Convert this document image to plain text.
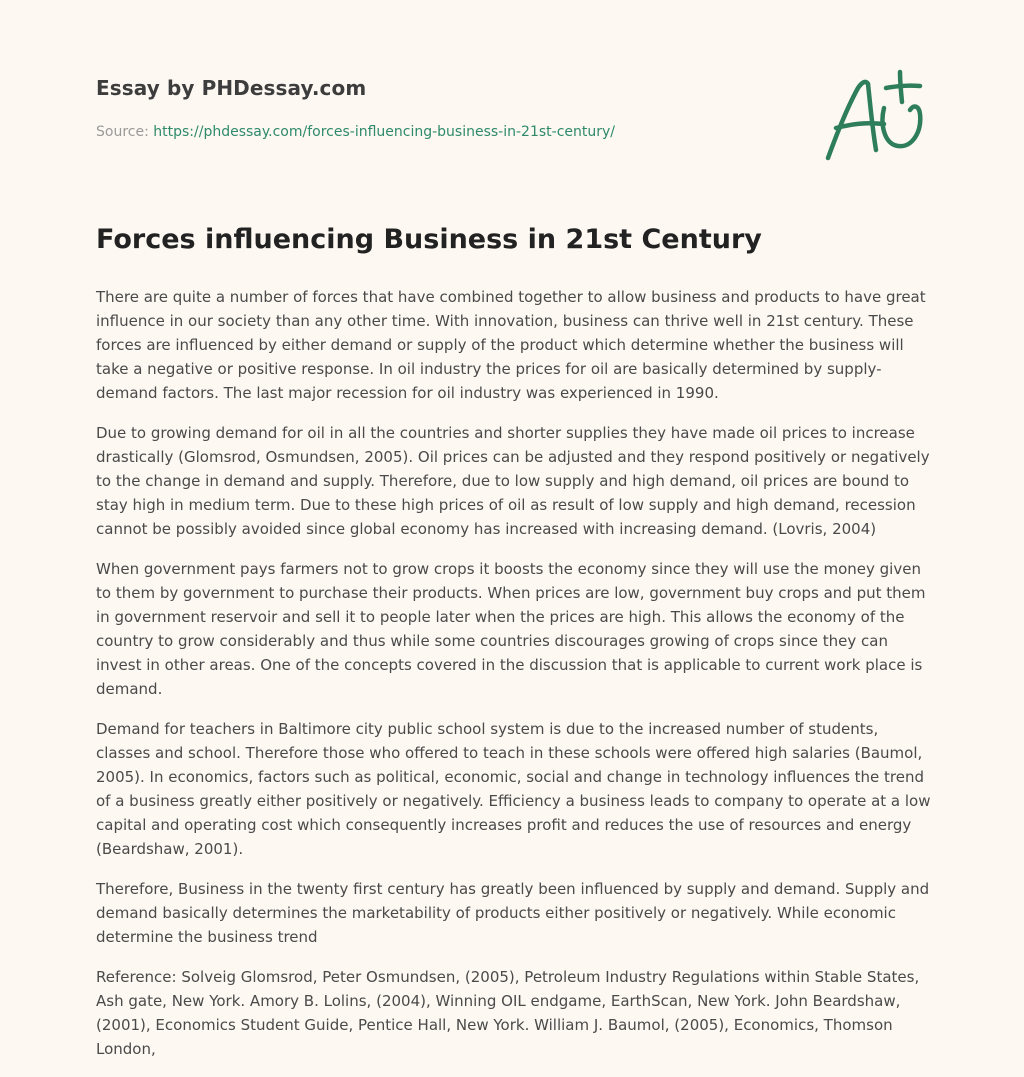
Essay by PHDessay.com

Source: https://phdessay.com/forces-influencing-business-in-21st-century/
Forces influencing Business in 21st Century

There are quite a number of forces that have combined together to allow business and products to have great influence in our society than any other time. With innovation, business can thrive well in 21st century. These forces are influenced by either demand or supply of the product which determine whether the business will take a negative or positive response. In oil industry the prices for oil are basically determined by supply-demand factors. The last major recession for oil industry was experienced in 1990.

Due to growing demand for oil in all the countries and shorter supplies they have made oil prices to increase drastically (Glomsrod, Osmundsen, 2005). Oil prices can be adjusted and they respond positively or negatively to the change in demand and supply. Therefore, due to low supply and high demand, oil prices are bound to stay high in medium term. Due to these high prices of oil as result of low supply and high demand, recession cannot be possibly avoided since global economy has increased with increasing demand. (Lovris, 2004)

When government pays farmers not to grow crops it boosts the economy since they will use the money given to them by government to purchase their products. When prices are low, government buy crops and put them in government reservoir and sell it to people later when the prices are high. This allows the economy of the country to grow considerably and thus while some countries discourages growing of crops since they can invest in other areas. One of the concepts covered in the discussion that is applicable to current work place is demand.

Demand for teachers in Baltimore city public school system is due to the increased number of students, classes and school. Therefore those who offered to teach in these schools were offered high salaries (Baumol, 2005). In economics, factors such as political, economic, social and change in technology influences the trend of a business greatly either positively or negatively. Efficiency a business leads to company to operate at a low capital and operating cost which consequently increases profit and reduces the use of resources and energy (Beardshaw, 2001).

Therefore, Business in the twenty first century has greatly been influenced by supply and demand. Supply and demand basically determines the marketability of products either positively or negatively. While economic determine the business trend

Reference: Solveig Glomsrod, Peter Osmundsen, (2005), Petroleum Industry Regulations within Stable States, Ash gate, New York. Amory B. Lolins, (2004), Winning OIL endgame, EarthScan, New York. John Beardshaw, (2001), Economics Student Guide, Pentice Hall, New York. William J. Baumol, (2005), Economics, Thomson London,
